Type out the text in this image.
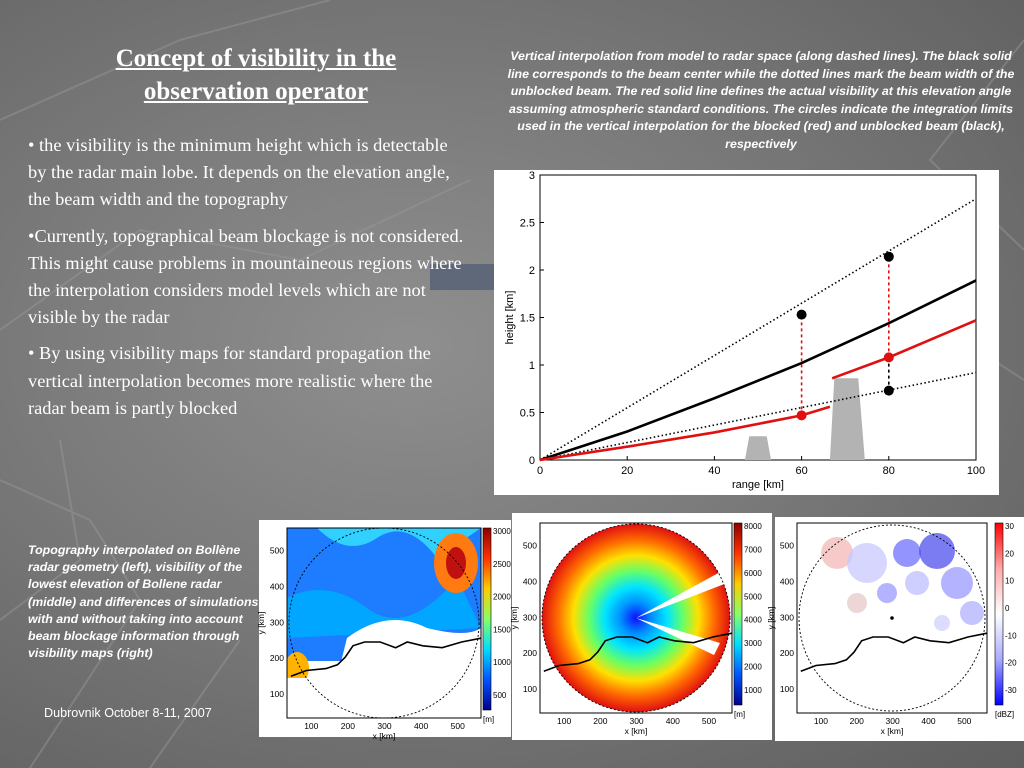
Concept of visibility in the observation operator

• the visibility is the minimum height which is detectable by the radar main lobe. It depends on the elevation angle, the beam width and the topography

•Currently, topographical beam blockage is not considered. This might cause problems in mountaineous regions where the interpolation considers model levels which are not visible by the radar

• By using visibility maps for standard propagation the vertical interpolation becomes more realistic where the radar beam is partly blocked

Vertical interpolation from model to radar space (along dashed lines). The black solid line corresponds to the beam center while the dotted lines mark the beam width of the unblocked beam. The red solid line defines the actual visibility at this elevation angle assuming atmospheric standard conditions. The circles indicate the integration limits used in the vertical interpolation for the blocked (red) and unblocked beam (black), respectively
0	20	40	60	80	100
0
0.5
1
1.5
2
2.5
3
range [km]
height [km]
100	200	300	400	500
100
200
300
400
500
x [km]
y [km]
3000
2500
2000
1500
1000
500
[m]	100	200	300	400	500
100
200
300
400
500
x [km]
y [km]
8000
7000
6000
5000
4000
3000
2000
1000
[m]
100	200	300	400	500
100
200
300
400
500
x [km]
y [km]
30
20
10
0
-10
-20
-30
[dBZ]
Topography interpolated on Bollène radar geometry (left), visibility of the lowest elevation of Bollene radar (middle) and differences of simulations with and without taking into account beam blockage information through visibility maps (right)
Dubrovnik October 8-11, 2007
